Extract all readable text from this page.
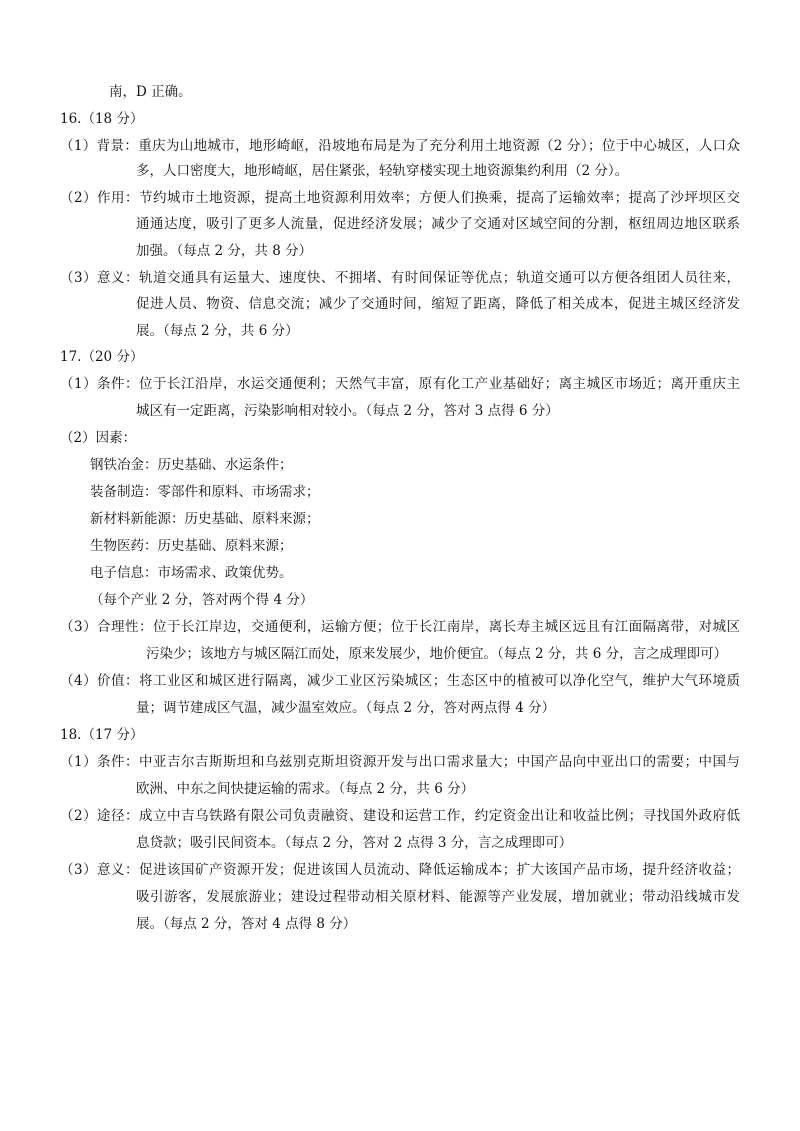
南，D 正确。
16.（18 分）
（1）背景：重庆为山地城市，地形崎岖，沿坡地布局是为了充分利用土地资源（2 分）；位于中心城区，人口众
多，人口密度大，地形崎岖，居住紧张，轻轨穿楼实现土地资源集约利用（2 分）。
（2）作用：节约城市土地资源，提高土地资源利用效率；方便人们换乘，提高了运输效率；提高了沙坪坝区交
通通达度，吸引了更多人流量，促进经济发展；减少了交通对区域空间的分割，枢纽周边地区联系
加强。（每点 2 分，共 8 分）
（3）意义：轨道交通具有运量大、速度快、不拥堵、有时间保证等优点；轨道交通可以方便各组团人员往来，
促进人员、物资、信息交流；减少了交通时间，缩短了距离，降低了相关成本，促进主城区经济发
展。（每点 2 分，共 6 分）
17.（20 分）
（1）条件：位于长江沿岸，水运交通便利；天然气丰富，原有化工产业基础好；离主城区市场近；离开重庆主
城区有一定距离，污染影响相对较小。（每点 2 分，答对 3 点得 6 分）
（2）因素：
钢铁冶金：历史基础、水运条件；
装备制造：零部件和原料、市场需求；
新材料新能源：历史基础、原料来源；
生物医药：历史基础、原料来源；
电子信息：市场需求、政策优势。
（每个产业 2 分，答对两个得 4 分）
（3）合理性：位于长江岸边，交通便利，运输方便；位于长江南岸，离长寿主城区远且有江面隔离带，对城区
污染少；该地方与城区隔江而处，原来发展少，地价便宜。（每点 2 分，共 6 分，言之成理即可）
（4）价值：将工业区和城区进行隔离，减少工业区污染城区；生态区中的植被可以净化空气，维护大气环境质
量；调节建成区气温，减少温室效应。（每点 2 分，答对两点得 4 分）
18.（17 分）
（1）条件：中亚吉尔吉斯斯坦和乌兹别克斯坦资源开发与出口需求量大；中国产品向中亚出口的需要；中国与
欧洲、中东之间快捷运输的需求。（每点 2 分，共 6 分）
（2）途径：成立中吉乌铁路有限公司负责融资、建设和运营工作，约定资金出让和收益比例；寻找国外政府低
息贷款；吸引民间资本。（每点 2 分，答对 2 点得 3 分，言之成理即可）
（3）意义：促进该国矿产资源开发；促进该国人员流动、降低运输成本；扩大该国产品市场，提升经济收益；
吸引游客，发展旅游业；建设过程带动相关原材料、能源等产业发展，增加就业；带动沿线城市发
展。（每点 2 分，答对 4 点得 8 分）
